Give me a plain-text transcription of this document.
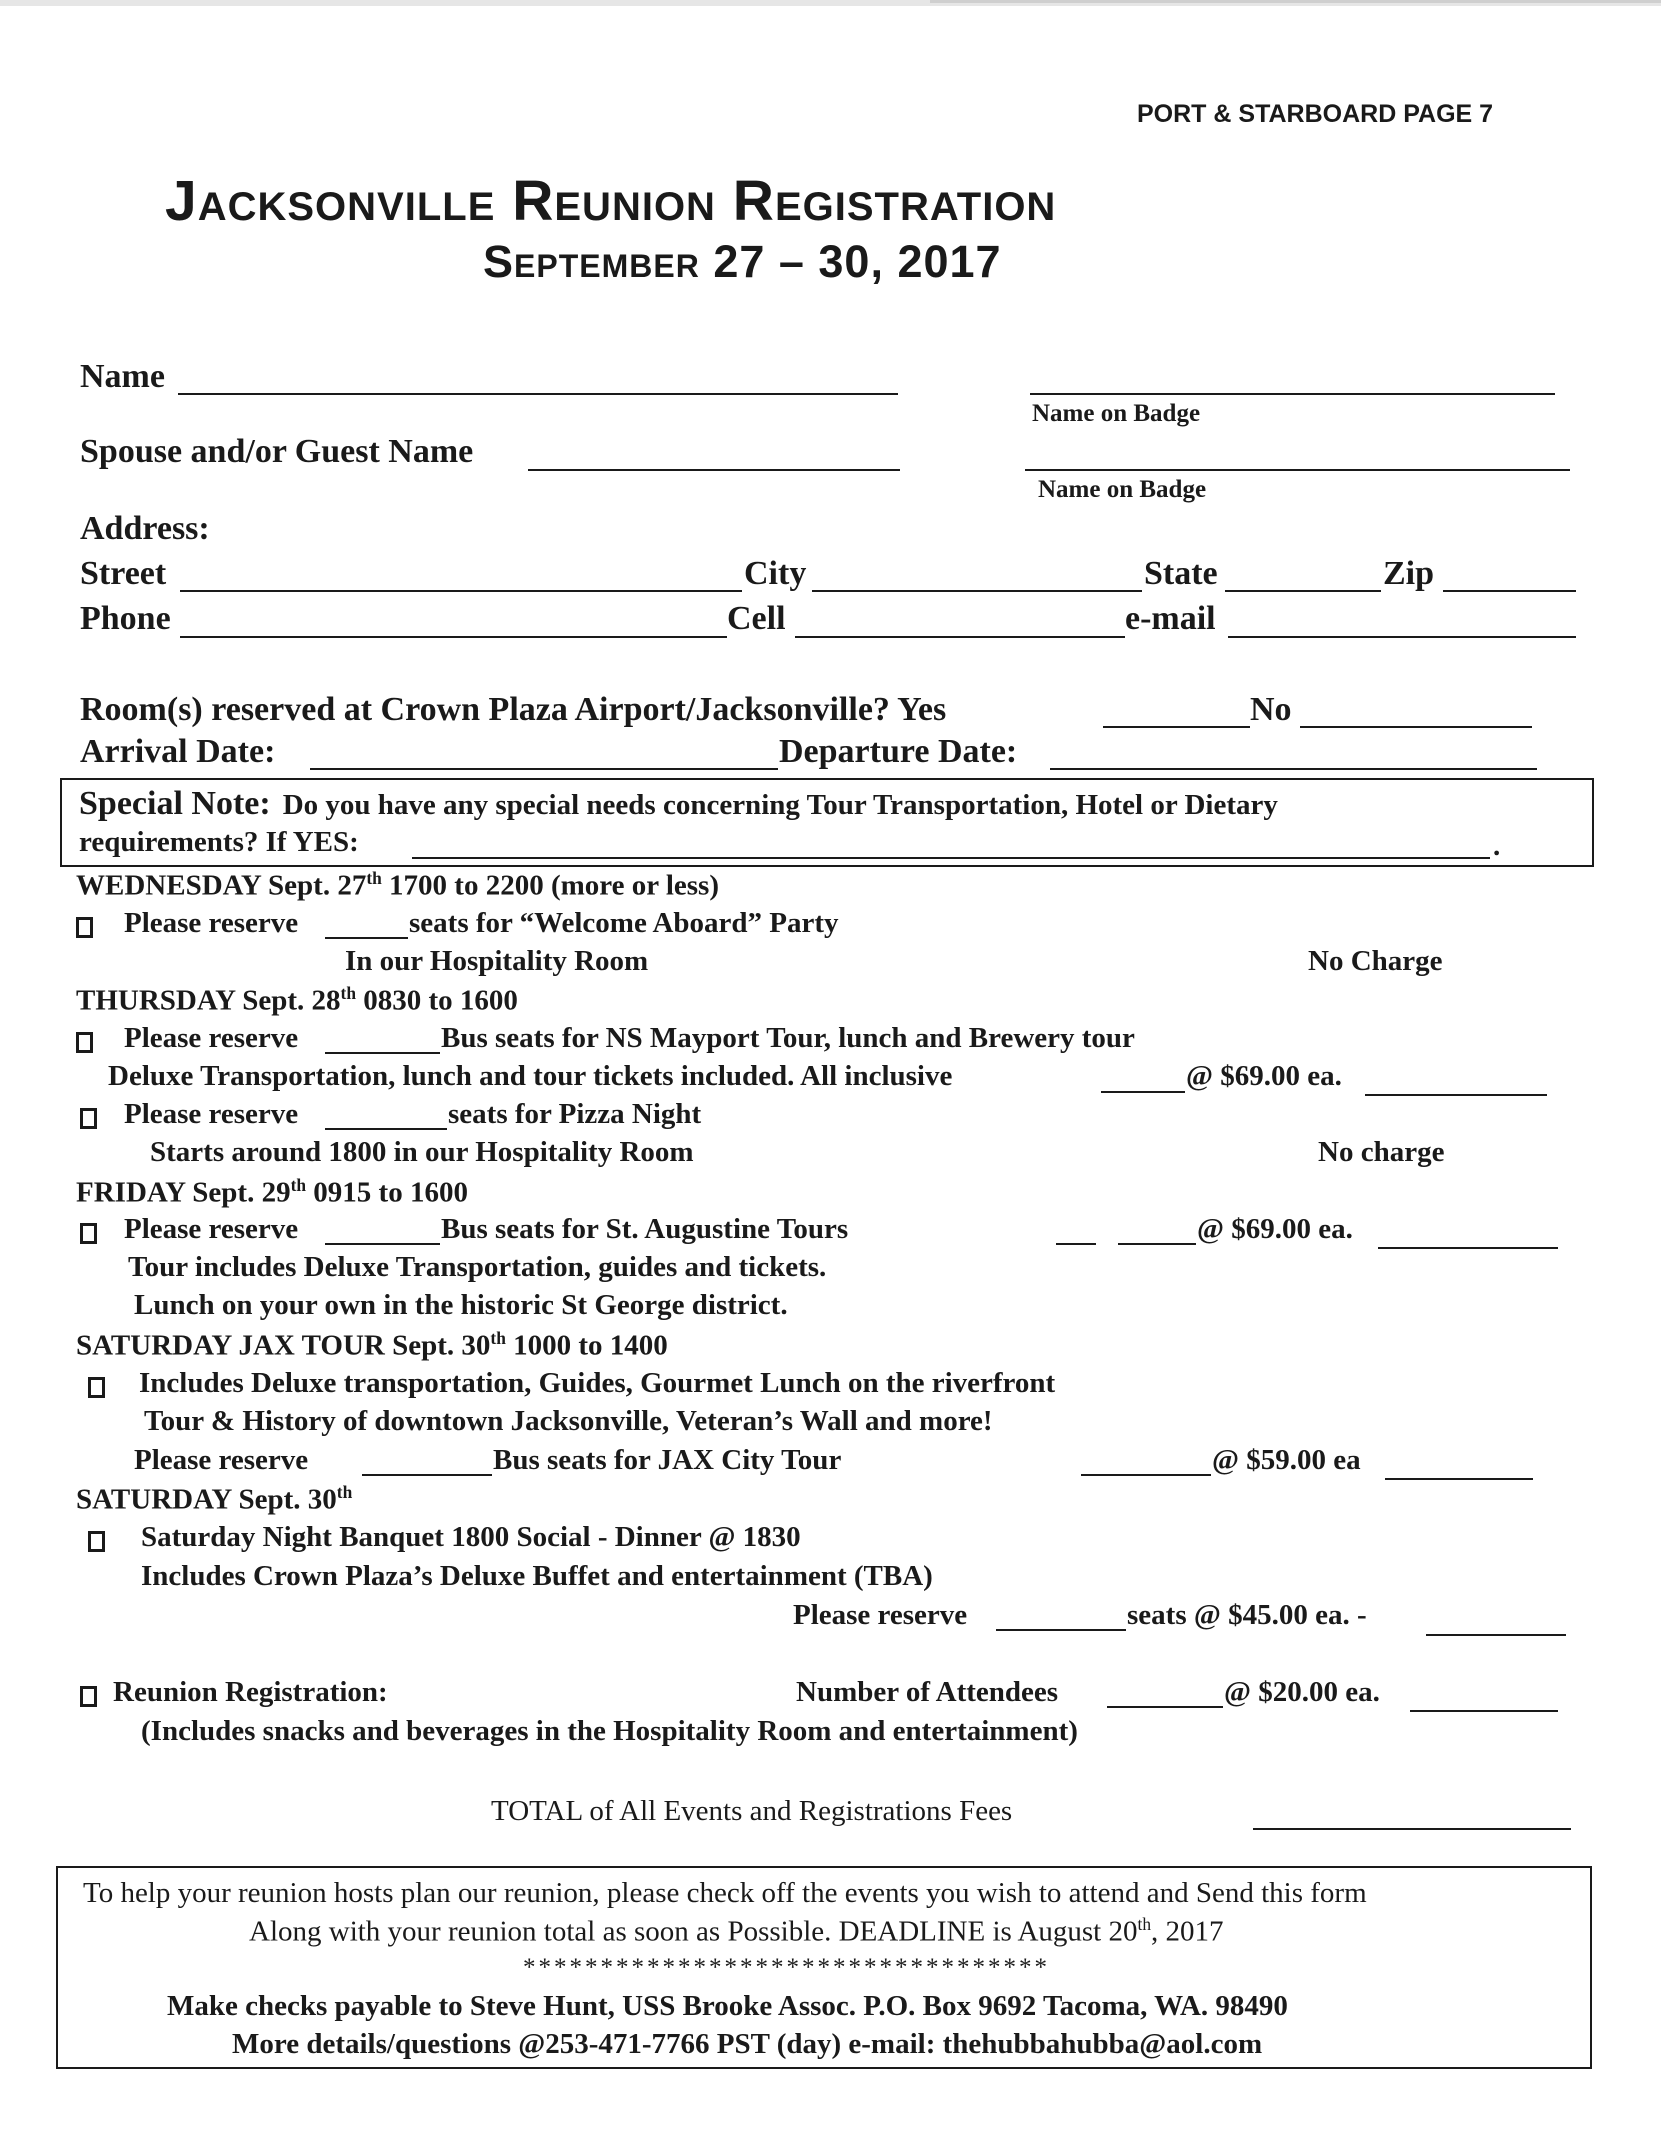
PORT & STARBOARD PAGE 7
Jacksonville Reunion Registration
September 27 – 30, 2017
Name
Name on Badge
Spouse and/or Guest Name
Name on Badge
Address:
Street	City	State	Zip
Phone	Cell	e-mail
Room(s) reserved at Crown Plaza Airport/Jacksonville? Yes	No
Arrival Date:	Departure Date:
Special Note: Do you have any special needs concerning Tour Transportation, Hotel or Dietary
requirements? If YES:	.
WEDNESDAY Sept. 27th 1700 to 2200 (more or less)
Please reserve	seats for “Welcome Aboard” Party
In our Hospitality Room	No Charge
THURSDAY Sept. 28th 0830 to 1600
Please reserve	Bus seats for NS Mayport Tour, lunch and Brewery tour
Deluxe Transportation, lunch and tour tickets included. All inclusive	@ $69.00 ea.
Please reserve	seats for Pizza Night
Starts around 1800 in our Hospitality Room	No charge
FRIDAY Sept. 29th 0915 to 1600
Please reserve	Bus seats for St. Augustine Tours	@ $69.00 ea.
Tour includes Deluxe Transportation, guides and tickets.
Lunch on your own in the historic St George district.
SATURDAY JAX TOUR Sept. 30th 1000 to 1400
Includes Deluxe transportation, Guides, Gourmet Lunch on the riverfront
Tour & History of downtown Jacksonville, Veteran’s Wall and more!
Please reserve	Bus seats for JAX City Tour	@ $59.00 ea
SATURDAY Sept. 30th
Saturday Night Banquet 1800 Social - Dinner @ 1830
Includes Crown Plaza’s Deluxe Buffet and entertainment (TBA)
Please reserve	seats @ $45.00 ea. -
Reunion Registration:	Number of Attendees	@ $20.00 ea.
(Includes snacks and beverages in the Hospitality Room and entertainment)
TOTAL of All Events and Registrations Fees
To help your reunion hosts plan our reunion, please check off the events you wish to attend and Send this form
Along with your reunion total as soon as Possible. DEADLINE is August 20th, 2017
**********************************
Make checks payable to Steve Hunt, USS Brooke Assoc. P.O. Box 9692 Tacoma, WA. 98490
More details/questions @253-471-7766 PST (day) e-mail: thehubbahubba@aol.com
